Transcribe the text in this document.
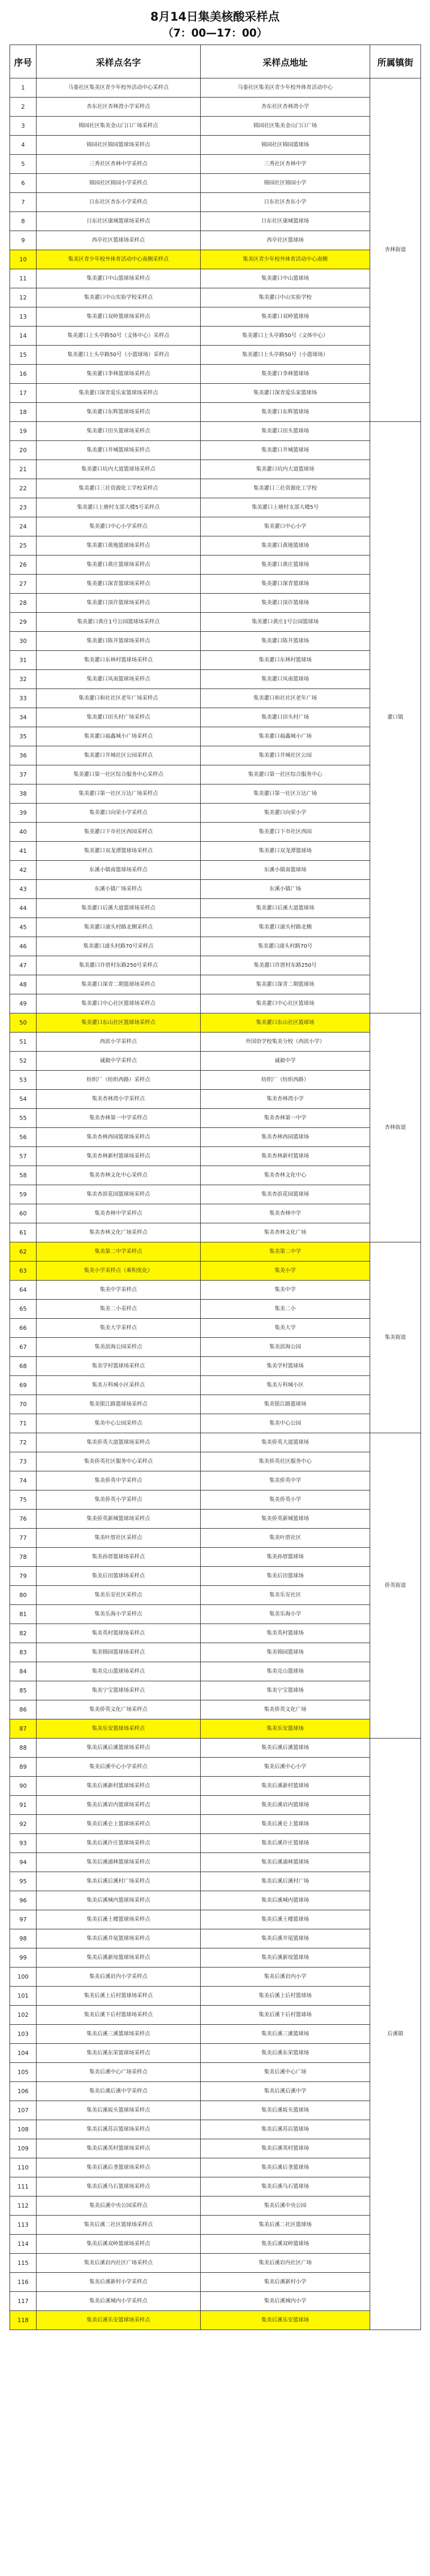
8月14日集美核酸采样点
（7：00—17：00）
序号	采样点名字	采样点地址	所属镇街
1	马銮社区集美区青少年校外活动中心采样点	马銮社区集美区青少年校外体育活动中心	杏林街道
2	杏东社区杏林湾小学采样点	杏东社区杏林湾小学	
3	锦园社区集美金山门口广场采样点	锦园社区集美金山门口广场	
4	锦园社区锦园篮球场采样点	锦园社区锦园篮球场	
5	三秀社区杏林中学采样点	三秀社区杏林中学	
6	锦园社区锦园小学采样点	锦园社区锦园小学	
7	日东社区杏东小学采样点	日东社区杏东小学	
8	日东社区康城篮球场采样点	日东社区康城篮球场	
9	西亭社区篮球场采样点	西亭社区篮球场	
10	集美区青少年校外体育活动中心南侧采样点	集美区青少年校外体育活动中心南侧	
11	集美灌口中山篮球场采样点	集美灌口中山篮球场	
12	集美灌口中山实验学校采样点	集美灌口中山实验学校	
13	集美灌口双岭篮球场采样点	集美灌口双岭篮球场	
14	集美灌口上头亭路50号（文体中心）采样点	集美灌口上头亭路50号（文体中心）	
15	集美灌口上头亭路50号（小篮球场）采样点	集美灌口上头亭路50号（小篮球场）	
16	集美灌口李林篮球场采样点	集美灌口李林篮球场	
17	集美灌口深青爱乐家篮球场采样点	集美灌口深青爱乐家篮球场	
18	集美灌口东辉篮球场采样点	集美灌口东辉篮球场	
19	集美灌口田头篮球场采样点	集美灌口田头篮球场	灌口镇
20	集美灌口井城篮球场采样点	集美灌口井城篮球场	
21	集美灌口坑内大道篮球场采样点	集美灌口坑内大道篮球场	
22	集美灌口三社资源化工学校采样点	集美灌口三社资源化工学校	
23	集美灌口上塘村支部大楼5号采样点	集美灌口上塘村支部大楼5号	
24	集美灌口中心小学采样点	集美灌口中心小学	
25	集美灌口黄地篮球场采样点	集美灌口黄地篮球场	
26	集美灌口黄庄篮球场采样点	集美灌口黄庄篮球场	
27	集美灌口深青篮球场采样点	集美灌口深青篮球场	
28	集美灌口顶许篮球场采样点	集美灌口顶许篮球场	
29	集美灌口黄庄1号公园篮球场采样点	集美灌口黄庄1号公园篮球场	
30	集美灌口陈井篮球场采样点	集美灌口陈井篮球场	
31	集美灌口东林村篮球场采样点	集美灌口东林村篮球场	
32	集美灌口凤南篮球场采样点	集美灌口凤南篮球场	
33	集美灌口和社社区老年广场采样点	集美灌口和社社区老年广场	
34	集美灌口田头村广场采样点	集美灌口田头村广场	
35	集美灌口福鑫城小广场采样点	集美灌口福鑫城小广场	
36	集美灌口井城社区公园采样点	集美灌口井城社区公园	
37	集美灌口第一社区综合服务中心采样点	集美灌口第一社区综合服务中心	
38	集美灌口第一社区万达广场采样点	集美灌口第一社区万达广场	
39	集美灌口向荣小学采样点	集美灌口向荣小学	
40	集美灌口下市社区西园采样点	集美灌口下市社区西园	
41	集美灌口双龙潭篮球场采样点	集美灌口双龙潭篮球场	
42	东溪小镇南篮球场采样点	东溪小镇南篮球场	
43	东溪小镇广场采样点	东溪小镇广场	
44	集美灌口后溪大道篮球场采样点	集美灌口后溪大道篮球场	
45	集美灌口浦头村路北侧采样点	集美灌口浦头村路北侧	
46	集美灌口浦头村路70号采样点	集美灌口浦头村路70号	
47	集美灌口许厝村东路250号采样点	集美灌口许厝村东路250号	
48	集美灌口深青二期篮球场采样点	集美灌口深青二期篮球场	
49	集美灌口中心社区篮球场采样点	集美灌口中心社区篮球场	
50	集美灌口东山社区篮球场采样点	集美灌口东山社区篮球场	杏林街道
51	西滨小学采样点	外国语学校集美分校（西滨小学）	
52	诚毅中学采样点	诚毅中学	
53	纺织厂（纺织西路）采样点	纺织厂（纺织西路）	
54	集美杏林湾小学采样点	集美杏林湾小学	
55	集美杏林第一中学采样点	集美杏林第一中学	
56	集美杏林西园篮球场采样点	集美杏林西园篮球场	
57	集美杏林新村篮球场采样点	集美杏林新村篮球场	
58	集美杏林文化中心采样点	集美杏林文化中心	
59	集美杏滨花园篮球场采样点	集美杏滨花园篮球场	
60	集美杏林中学采样点	集美杏林中学	
61	集美杏林文化广场采样点	集美杏林文化广场	
62	集美第二中学采样点	集美第二中学	集美街道
63	集美小学采样点（乘积优化）	集美小学	
64	集美中学采样点	集美中学	
65	集美二小采样点	集美二小	
66	集美大学采样点	集美大学	
67	集美滨海公园采样点	集美滨海公园	
68	集美学村篮球场采样点	集美学村篮球场	
69	集美万科城小区采样点	集美万科城小区	
70	集美银江路篮球场采样点	集美银江路篮球场	
71	集美中心公园采样点	集美中心公园	
72	集美侨英大道篮球场采样点	集美侨英大道篮球场	侨英街道
73	集美侨英社区服务中心采样点	集美侨英社区服务中心	
74	集美侨英中学采样点	集美侨英中学	
75	集美侨英小学采样点	集美侨英小学	
76	集美侨英新城篮球场采样点	集美侨英新城篮球场	
77	集美叶厝社区采样点	集美叶厝社区	
78	集美孙厝篮球场采样点	集美孙厝篮球场	
79	集美后田篮球场采样点	集美后田篮球场	
80	集美乐安社区采样点	集美乐安社区	
81	集美乐海小学采样点	集美乐海小学	
82	集美英村篮球场采样点	集美英村篮球场	
83	集美锦园篮球场采样点	集美锦园篮球场	
84	集美兑山篮球场采样点	集美兑山篮球场	
85	集美宁宝篮球场采样点	集美宁宝篮球场	
86	集美侨英文化广场采样点	集美侨英文化广场	
87	集美乐安篮球场采样点	集美乐安篮球场	
88	集美后溪后溪篮球场采样点	集美后溪后溪篮球场	后溪镇
89	集美后溪中心小学采样点	集美后溪中心小学	
90	集美后溪新村篮球场采样点	集美后溪新村篮球场	
91	集美后溪岩内篮球场采样点	集美后溪岩内篮球场	
92	集美后溪仑上篮球场采样点	集美后溪仑上篮球场	
93	集美后溪许庄篮球场采样点	集美后溪许庄篮球场	
94	集美后溪浦林篮球场采样点	集美后溪浦林篮球场	
95	集美后溪后溪村广场采样点	集美后溪后溪村广场	
96	集美后溪城内篮球场采样点	集美后溪城内篮球场	
97	集美后溪土楼篮球场采样点	集美后溪土楼篮球场	
98	集美后溪井尾篮球场采样点	集美后溪井尾篮球场	
99	集美后溪新垵篮球场采样点	集美后溪新垵篮球场	
100	集美后溪岩内小学采样点	集美后溪岩内小学	
101	集美后溪上后村篮球场采样点	集美后溪上后村篮球场	
102	集美后溪下后村篮球场采样点	集美后溪下后村篮球场	
103	集美后溪三溪篮球场采样点	集美后溪三溪篮球场	
104	集美后溪东荣篮球场采样点	集美后溪东荣篮球场	
105	集美后溪中心广场采样点	集美后溪中心广场	
106	集美后溪后溪中学采样点	集美后溪后溪中学	
107	集美后溪坂头篮球场采样点	集美后溪坂头篮球场	
108	集美后溪苏店篮球场采样点	集美后溪苏店篮球场	
109	集美后溪英村篮球场采样点	集美后溪英村篮球场	
110	集美后溪后垄篮球场采样点	集美后溪后垄篮球场	
111	集美后溪乌石篮球场采样点	集美后溪乌石篮球场	
112	集美后溪中央公园采样点	集美后溪中央公园	
113	集美后溪二社区篮球场采样点	集美后溪二社区篮球场	
114	集美后溪双岭篮球场采样点	集美后溪双岭篮球场	
115	集美后溪岩内社区广场采样点	集美后溪岩内社区广场	
116	集美后溪新村小学采样点	集美后溪新村小学	
117	集美后溪城内小学采样点	集美后溪城内小学	
118	集美后溪乐安篮球场采样点	集美后溪乐安篮球场	
